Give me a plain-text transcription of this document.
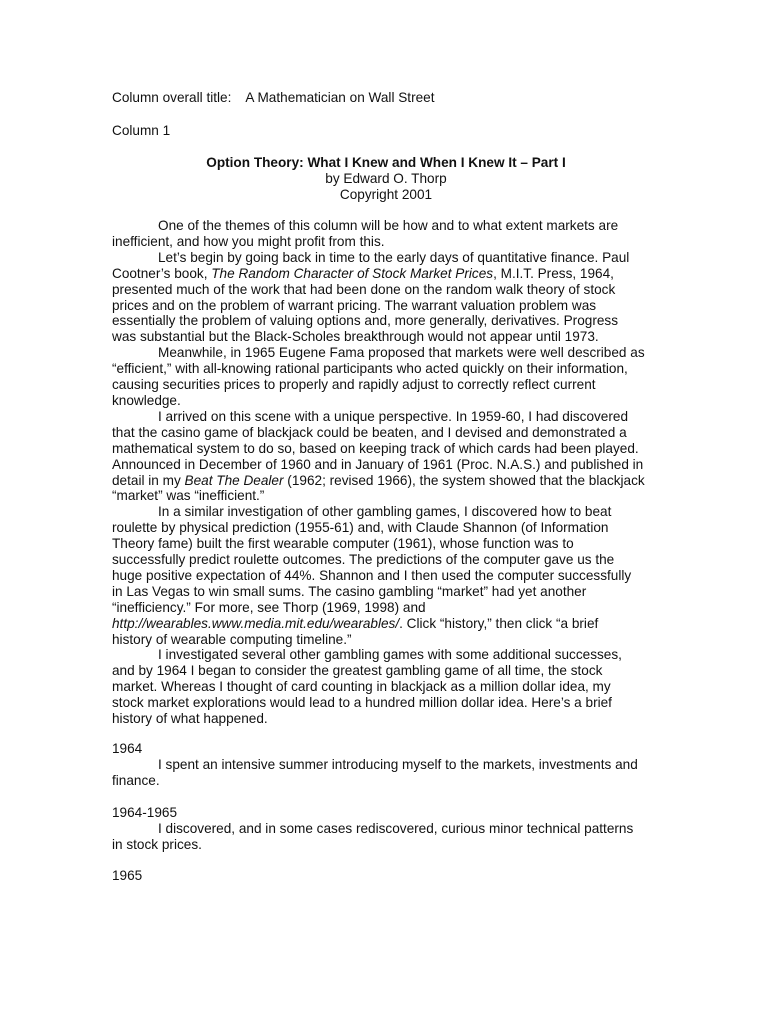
Column overall title: A Mathematician on Wall Street
Column 1
Option Theory: What I Knew and When I Knew It – Part I
by Edward O. Thorp
Copyright 2001
One of the themes of this column will be how and to what extent markets are
inefficient, and how you might profit from this.
Let’s begin by going back in time to the early days of quantitative finance. Paul
Cootner’s book, The Random Character of Stock Market Prices, M.I.T. Press, 1964,
presented much of the work that had been done on the random walk theory of stock
prices and on the problem of warrant pricing. The warrant valuation problem was
essentially the problem of valuing options and, more generally, derivatives. Progress
was substantial but the Black-Scholes breakthrough would not appear until 1973.
Meanwhile, in 1965 Eugene Fama proposed that markets were well described as
“efficient,” with all-knowing rational participants who acted quickly on their information,
causing securities prices to properly and rapidly adjust to correctly reflect current
knowledge.
I arrived on this scene with a unique perspective. In 1959-60, I had discovered
that the casino game of blackjack could be beaten, and I devised and demonstrated a
mathematical system to do so, based on keeping track of which cards had been played.
Announced in December of 1960 and in January of 1961 (Proc. N.A.S.) and published in
detail in my Beat The Dealer (1962; revised 1966), the system showed that the blackjack
“market” was “inefficient.”
In a similar investigation of other gambling games, I discovered how to beat
roulette by physical prediction (1955-61) and, with Claude Shannon (of Information
Theory fame) built the first wearable computer (1961), whose function was to
successfully predict roulette outcomes. The predictions of the computer gave us the
huge positive expectation of 44%. Shannon and I then used the computer successfully
in Las Vegas to win small sums. The casino gambling “market” had yet another
“inefficiency.” For more, see Thorp (1969, 1998) and
http://wearables.www.media.mit.edu/wearables/. Click “history,” then click “a brief
history of wearable computing timeline.”
I investigated several other gambling games with some additional successes,
and by 1964 I began to consider the greatest gambling game of all time, the stock
market. Whereas I thought of card counting in blackjack as a million dollar idea, my
stock market explorations would lead to a hundred million dollar idea. Here’s a brief
history of what happened.
1964
I spent an intensive summer introducing myself to the markets, investments and
finance.
1964-1965
I discovered, and in some cases rediscovered, curious minor technical patterns
in stock prices.
1965
